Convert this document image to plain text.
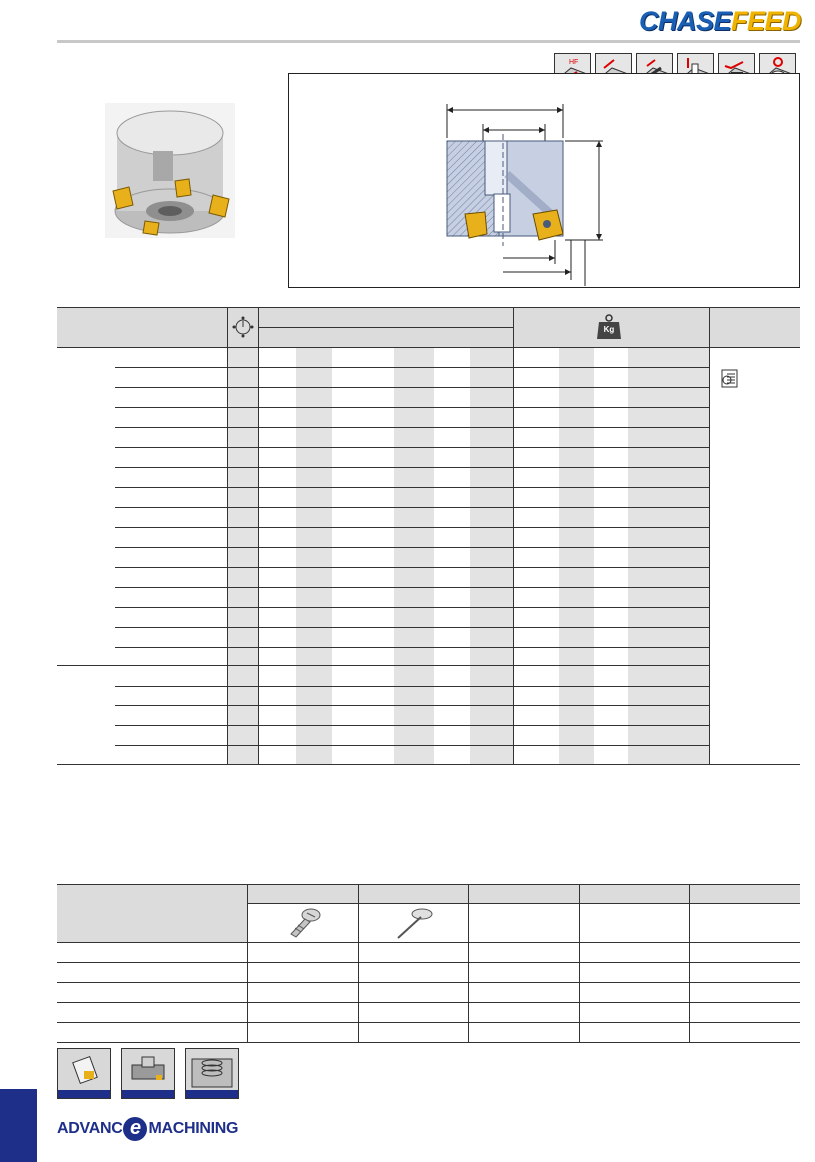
CHASEFEED
HF
Kg
ADVANC e MACHINING
